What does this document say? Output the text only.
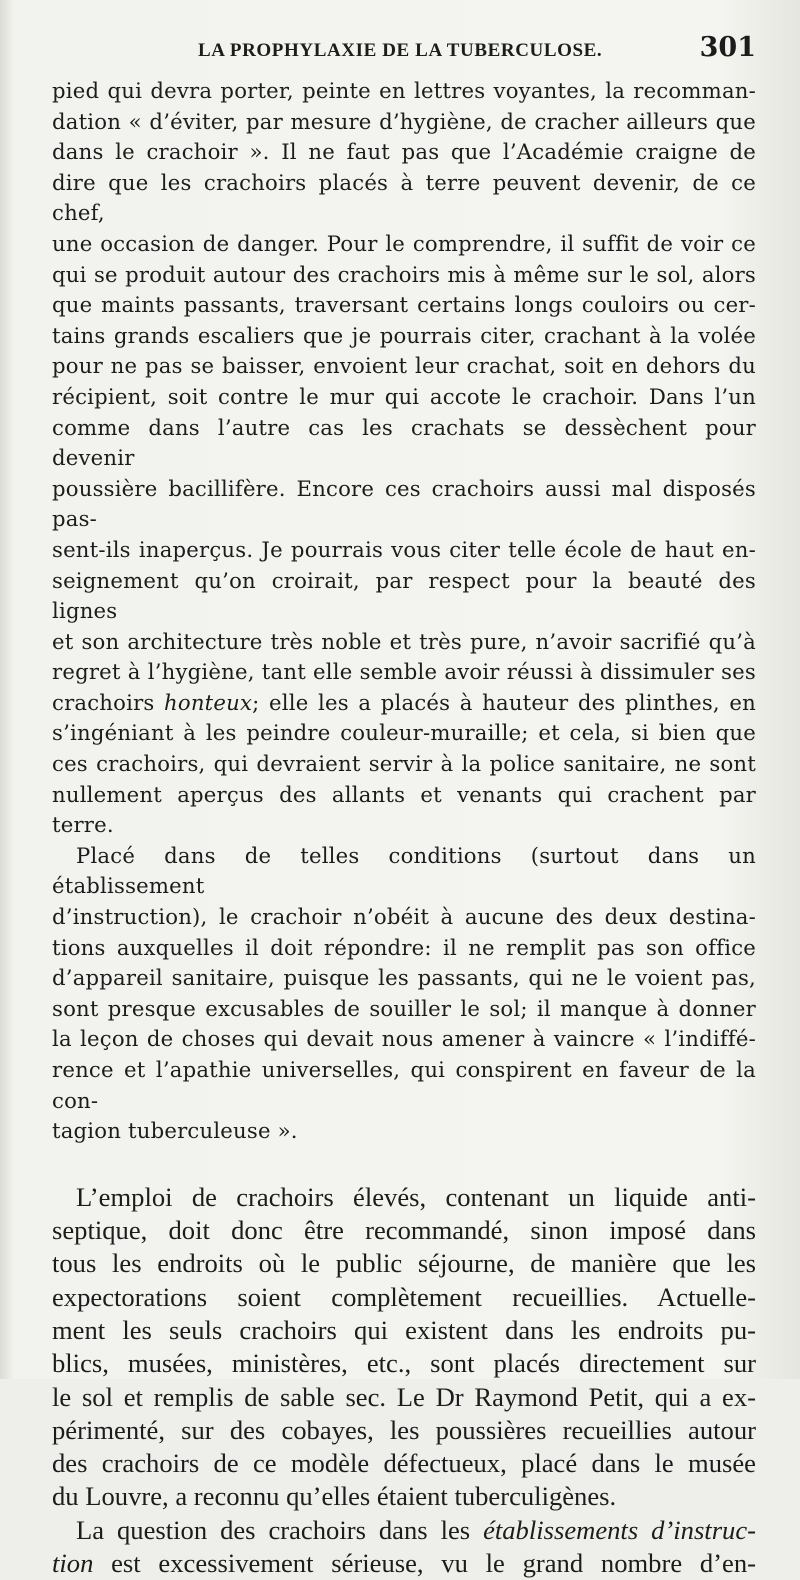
LA PROPHYLAXIE DE LA TUBERCULOSE.	301

pied qui devra porter, peinte en lettres voyantes, la recomman-

dation « d’éviter, par mesure d’hygiène, de cracher ailleurs que

dans le crachoir ». Il ne faut pas que l’Académie craigne de

dire que les crachoirs placés à terre peuvent devenir, de ce chef,

une occasion de danger. Pour le comprendre, il suffit de voir ce

qui se produit autour des crachoirs mis à même sur le sol, alors

que maints passants, traversant certains longs couloirs ou cer-

tains grands escaliers que je pourrais citer, crachant à la volée

pour ne pas se baisser, envoient leur crachat, soit en dehors du

récipient, soit contre le mur qui accote le crachoir. Dans l’un

comme dans l’autre cas les crachats se dessèchent pour devenir

poussière bacillifère. Encore ces crachoirs aussi mal disposés pas-

sent-ils inaperçus. Je pourrais vous citer telle école de haut en-

seignement qu’on croirait, par respect pour la beauté des lignes

et son architecture très noble et très pure, n’avoir sacrifié qu’à

regret à l’hygiène, tant elle semble avoir réussi à dissimuler ses

crachoirs honteux; elle les a placés à hauteur des plinthes, en

s’ingéniant à les peindre couleur-muraille; et cela, si bien que

ces crachoirs, qui devraient servir à la police sanitaire, ne sont

nullement aperçus des allants et venants qui crachent par terre.

Placé dans de telles conditions (surtout dans un établissement

d’instruction), le crachoir n’obéit à aucune des deux destina-

tions auxquelles il doit répondre: il ne remplit pas son office

d’appareil sanitaire, puisque les passants, qui ne le voient pas,

sont presque excusables de souiller le sol; il manque à donner

la leçon de choses qui devait nous amener à vaincre « l’indiffé-

rence et l’apathie universelles, qui conspirent en faveur de la con-

tagion tuberculeuse ».

L’emploi de crachoirs élevés, contenant un liquide anti-

septique, doit donc être recommandé, sinon imposé dans

tous les endroits où le public séjourne, de manière que les

expectorations soient complètement recueillies. Actuelle-

ment les seuls crachoirs qui existent dans les endroits pu-

blics, musées, ministères, etc., sont placés directement sur

le sol et remplis de sable sec. Le Dr Raymond Petit, qui a ex-

périmenté, sur des cobayes, les poussières recueillies autour

des crachoirs de ce modèle défectueux, placé dans le musée

du Louvre, a reconnu qu’elles étaient tuberculigènes.

La question des crachoirs dans les établissements d’instruc-

tion est excessivement sérieuse, vu le grand nombre d’en-
